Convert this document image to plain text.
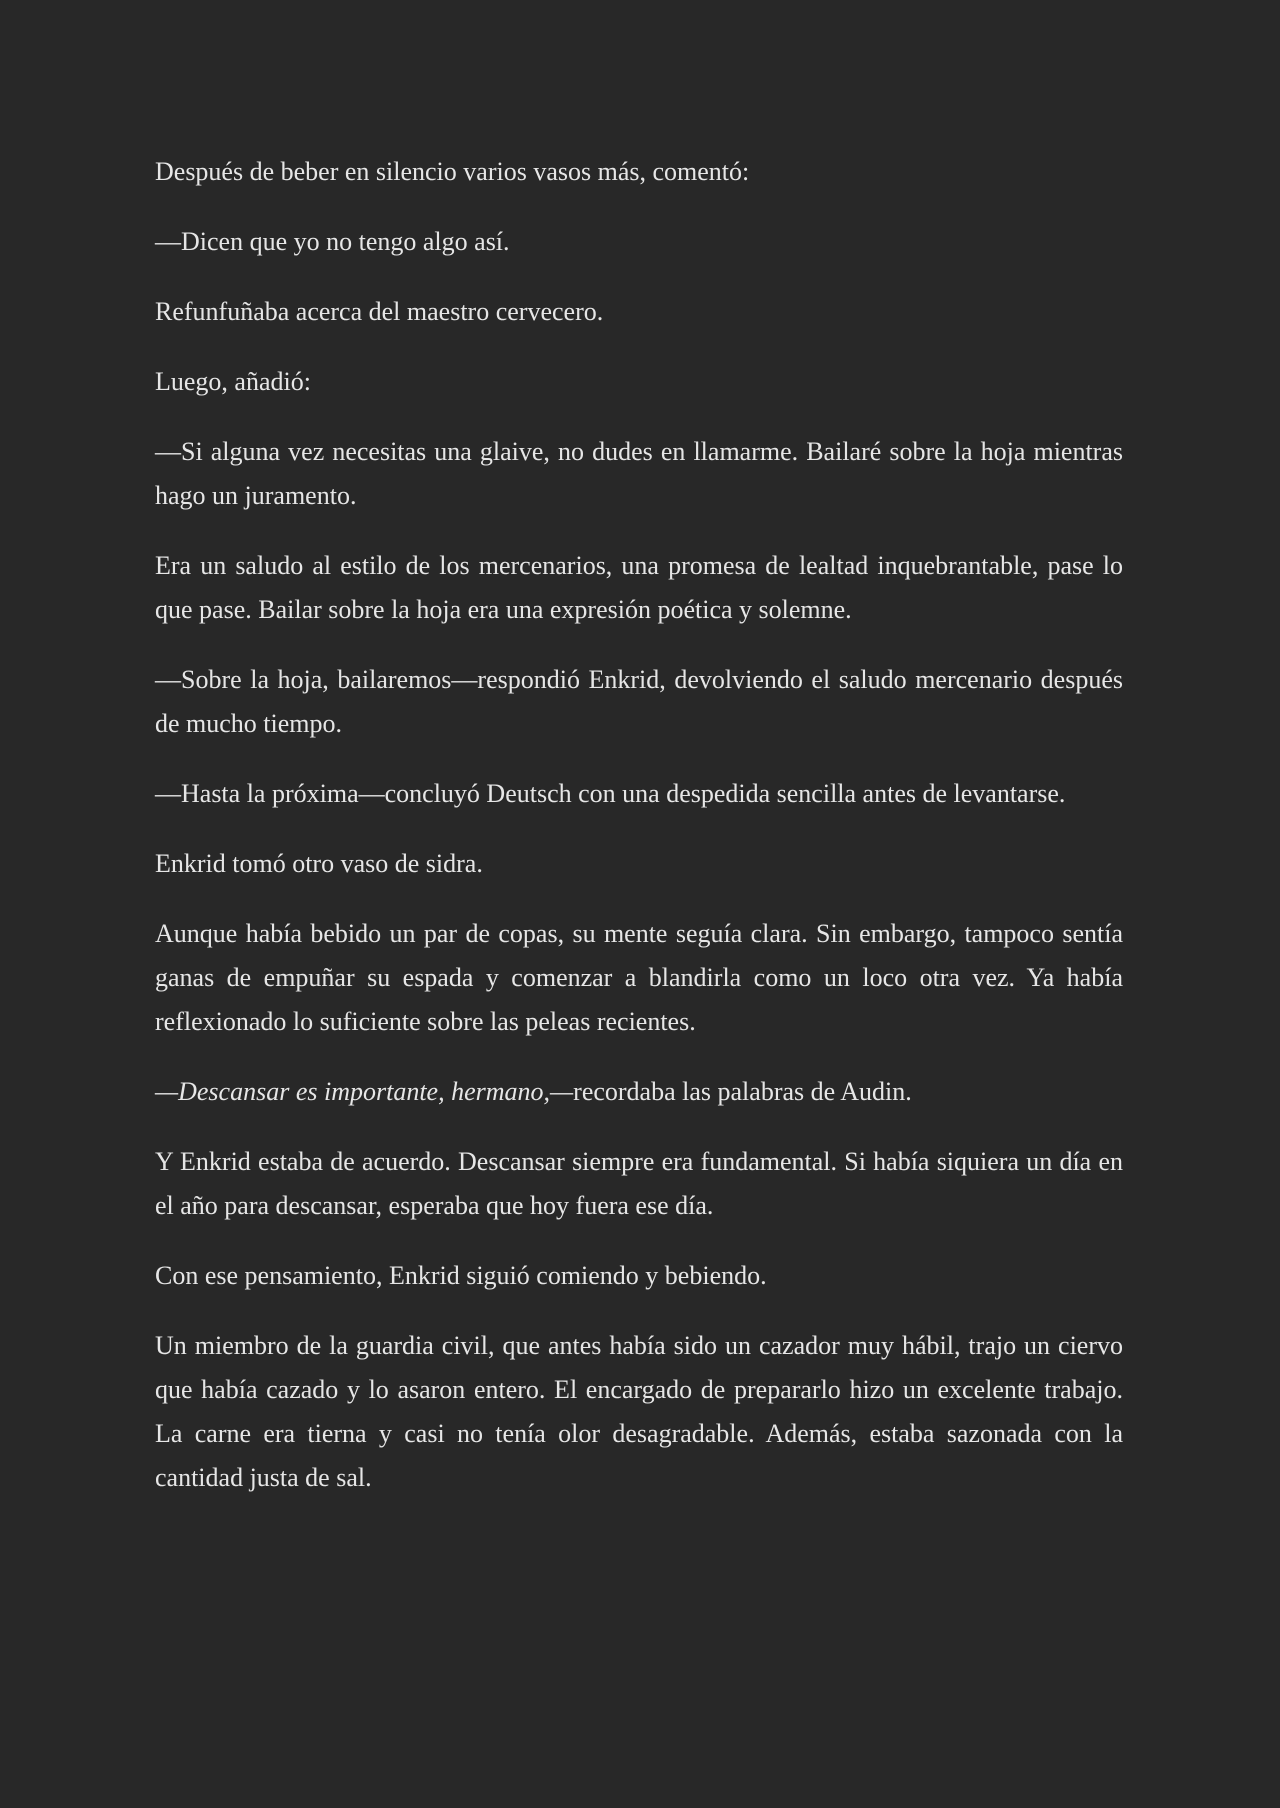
Después de beber en silencio varios vasos más, comentó:

—Dicen que yo no tengo algo así.

Refunfuñaba acerca del maestro cervecero.

Luego, añadió:

—Si alguna vez necesitas una glaive, no dudes en llamarme. Bailaré sobre la hoja mientras hago un juramento.

Era un saludo al estilo de los mercenarios, una promesa de lealtad inquebrantable, pase lo que pase. Bailar sobre la hoja era una expresión poética y solemne.

—Sobre la hoja, bailaremos—respondió Enkrid, devolviendo el saludo mercenario después de mucho tiempo.

—Hasta la próxima—concluyó Deutsch con una despedida sencilla antes de levantarse.

Enkrid tomó otro vaso de sidra.

Aunque había bebido un par de copas, su mente seguía clara. Sin embargo, tampoco sentía ganas de empuñar su espada y comenzar a blandirla como un loco otra vez. Ya había reflexionado lo suficiente sobre las peleas recientes.

—Descansar es importante, hermano,—recordaba las palabras de Audin.

Y Enkrid estaba de acuerdo. Descansar siempre era fundamental. Si había siquiera un día en el año para descansar, esperaba que hoy fuera ese día.

Con ese pensamiento, Enkrid siguió comiendo y bebiendo.

Un miembro de la guardia civil, que antes había sido un cazador muy hábil, trajo un ciervo que había cazado y lo asaron entero. El encargado de prepararlo hizo un excelente trabajo. La carne era tierna y casi no tenía olor desagradable. Además, estaba sazonada con la cantidad justa de sal.
